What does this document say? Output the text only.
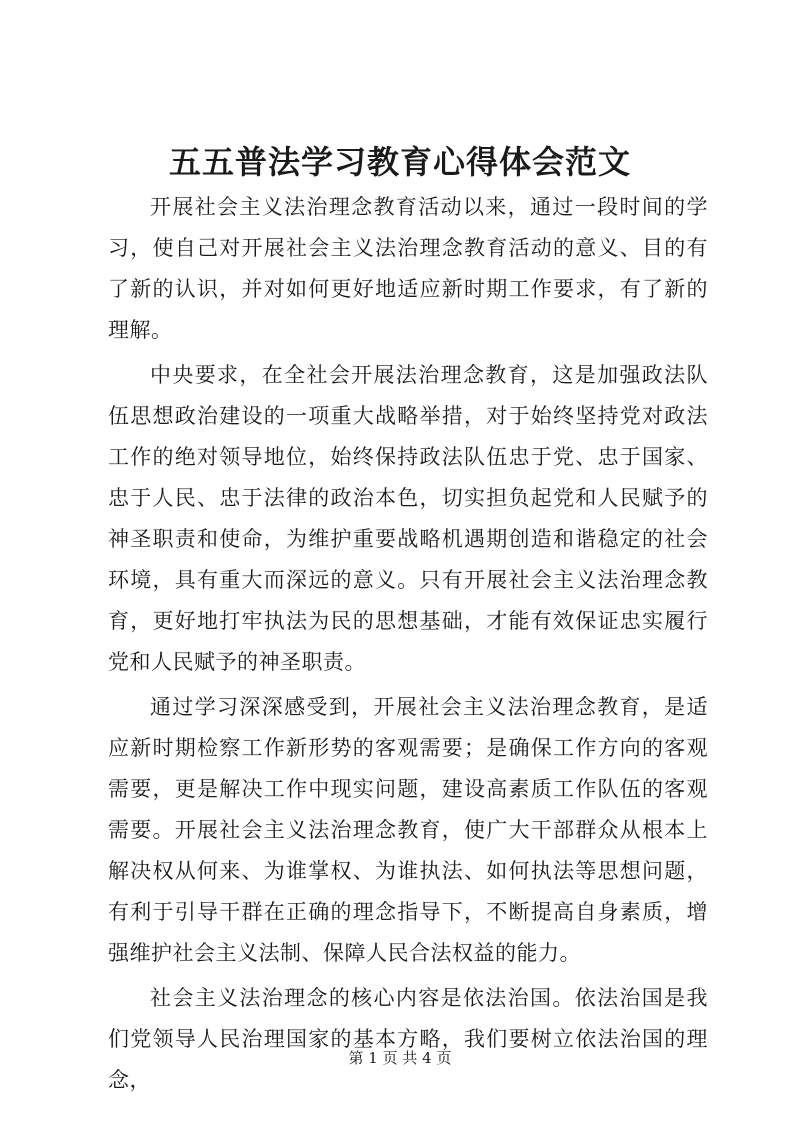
五五普法学习教育心得体会范文

开展社会主义法治理念教育活动以来，通过一段时间的学习，使自己对开展社会主义法治理念教育活动的意义、目的有了新的认识，并对如何更好地适应新时期工作要求，有了新的理解。

中央要求，在全社会开展法治理念教育，这是加强政法队伍思想政治建设的一项重大战略举措，对于始终坚持党对政法工作的绝对领导地位，始终保持政法队伍忠于党、忠于国家、忠于人民、忠于法律的政治本色，切实担负起党和人民赋予的神圣职责和使命，为维护重要战略机遇期创造和谐稳定的社会环境，具有重大而深远的意义。只有开展社会主义法治理念教育，更好地打牢执法为民的思想基础，才能有效保证忠实履行党和人民赋予的神圣职责。

通过学习深深感受到，开展社会主义法治理念教育，是适应新时期检察工作新形势的客观需要；是确保工作方向的客观需要，更是解决工作中现实问题，建设高素质工作队伍的客观需要。开展社会主义法治理念教育，使广大干部群众从根本上解决权从何来、为谁掌权、为谁执法、如何执法等思想问题，有利于引导干群在正确的理念指导下，不断提高自身素质，增强维护社会主义法制、保障人民合法权益的能力。

社会主义法治理念的核心内容是依法治国。依法治国是我们党领导人民治理国家的基本方略，我们要树立依法治国的理念，

第 1 页 共 4 页
